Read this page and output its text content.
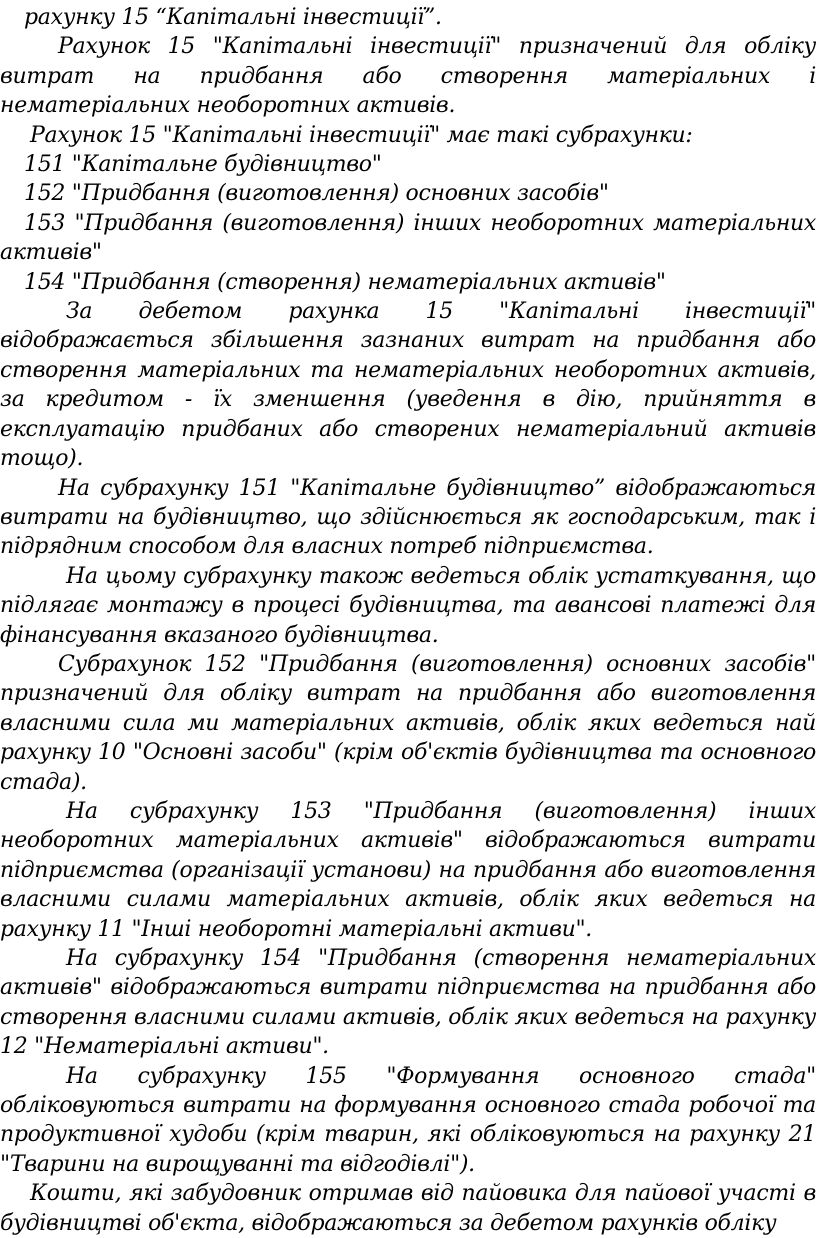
рахунку 15 “Капітальні інвестиції”.

Рахунок 15 "Капітальні інвестиції" призначений для обліку витрат на придбання або створення матеріальних і нематеріальних необоротних активів.

Рахунок 15 "Капітальні інвестиції" має такі субрахунки:

151 "Капітальне будівництво"

152 "Придбання (виготовлення) основних засобів"

153 "Придбання (виготовлення) інших необоротних матеріальних активів"

154 "Придбання (створення) нематеріальних активів"

За дебетом рахунка 15 "Капітальні інвестиції" відображається збільшення зазнаних витрат на придбання або створення матеріальних та нематеріальних необоротних активів, за кредитом - їх зменшення (уведення в дію, прийняття в експлуатацію придбаних або створених нематеріальний активів тощо).

На субрахунку 151 "Капітальне будівництво” відображаються витрати на будівництво, що здійснюється як господарським, так і підрядним способом для власних потреб підприємства.

На цьому субрахунку також ведеться облік устаткування, що підлягає монтажу в процесі будівництва, та авансові платежі для фінансування вказаного будівництва.

Субрахунок 152 "Придбання (виготовлення) основних засобів" призначений для обліку витрат на придбання або виготовлення власними сила ми матеріальних активів, облік яких ведеться най рахунку 10 "Основні засоби" (крім об'єктів будівництва та основного стада).

На субрахунку 153 "Придбання (виготовлення) інших необоротних матеріальних активів" відображаються витрати підприємства (організації установи) на придбання або виготовлення власними силами матеріальних активів, облік яких ведеться на рахунку 11 "Інші необоротні матеріальні активи".

На субрахунку 154 "Придбання (створення нематеріальних активів" відображаються витрати підприємства на придбання або створення власними силами активів, облік яких ведеться на рахунку 12 "Нематеріальні активи".

На субрахунку 155 "Формування основного стада" обліковуються витрати на формування основного стада робочої та продуктивної худоби (крім тварин, які обліковуються на рахунку 21 "Тварини на вирощуванні та відгодівлі").

Кошти, які забудовник отримав від пайовика для пайової участі в будівництві об'єкта, відображаються за дебетом рахунків обліку
